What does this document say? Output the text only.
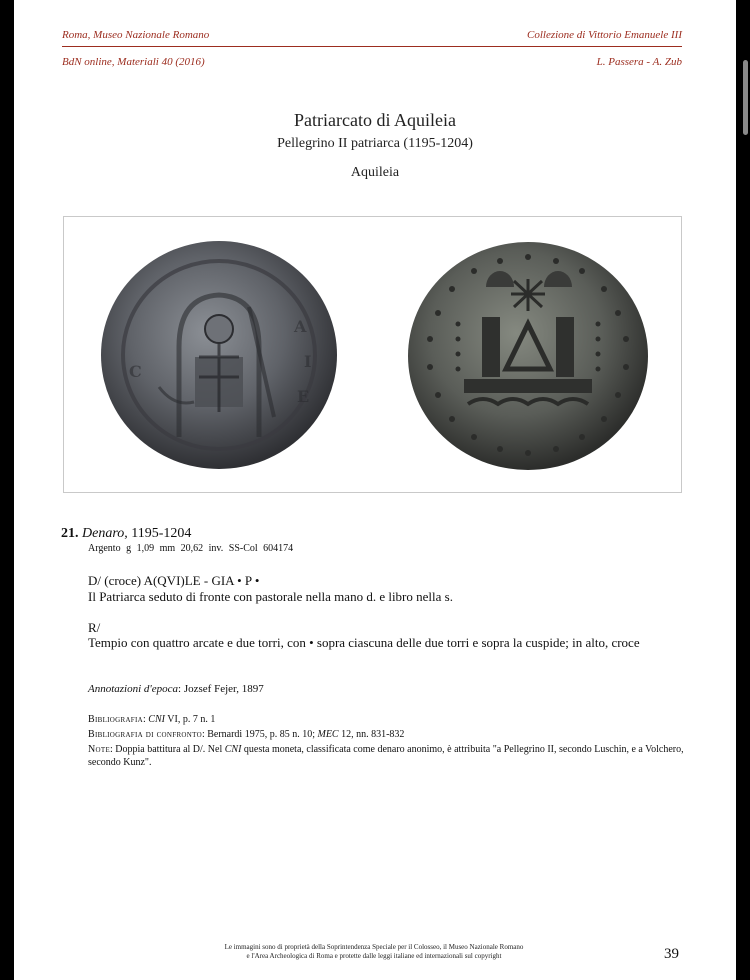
Roma, Museo Nazionale Romano	Collezione di Vittorio Emanuele III
BdN online, Materiali 40 (2016)	L. Passera - A. Zub
Patriarcato di Aquileia
Pellegrino II patriarca (1195-1204)
Aquileia
C
A
I
E
21. Denaro, 1195-1204
Argento g 1,09 mm 20,62 inv. SS-Col 604174
D/ (croce) A(QVI)LE - GIA • P •
Il Patriarca seduto di fronte con pastorale nella mano d. e libro nella s.
R/
Tempio con quattro arcate e due torri, con • sopra ciascuna delle due torri e sopra la cuspide; in alto, croce
Annotazioni d'epoca: Jozsef Fejer, 1897
Bibliografia: CNI VI, p. 7 n. 1
Bibliografia di confronto: Bernardi 1975, p. 85 n. 10; MEC 12, nn. 831-832
Note: Doppia battitura al D/. Nel CNI questa moneta, classificata come denaro anonimo, è attribuita "a Pellegrino II, secondo Luschin, e a Volchero, secondo Kunz".
Le immagini sono di proprietà della Soprintendenza Speciale per il Colosseo, il Museo Nazionale Romano
e l'Area Archeologica di Roma e protette dalle leggi italiane ed internazionali sul copyright	39
